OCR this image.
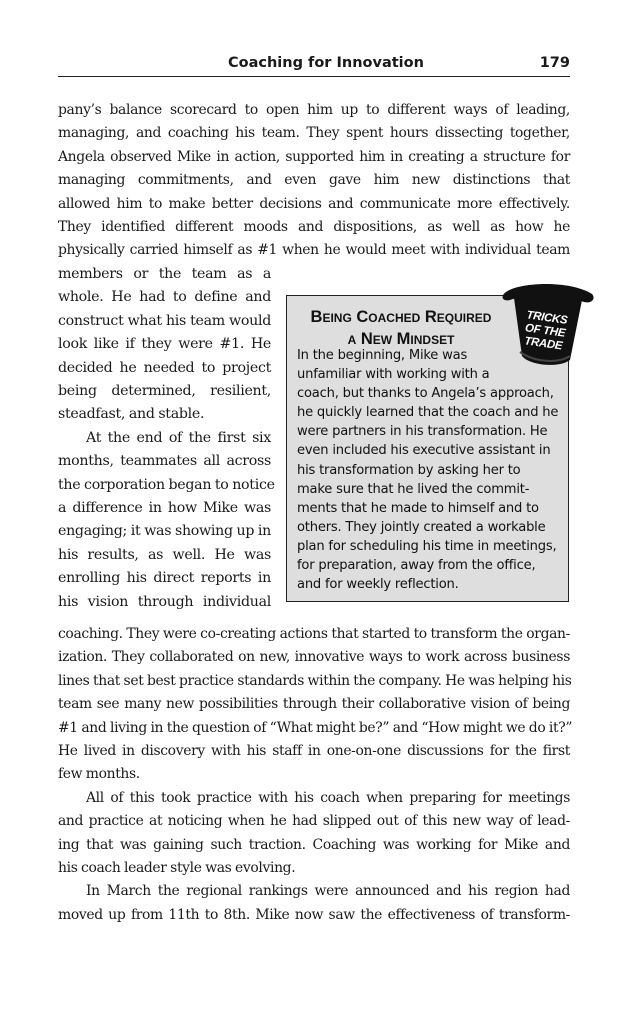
Coaching for Innovation	179
pany’s balance scorecard to open him up to different ways of leading,
managing, and coaching his team. They spent hours dissecting together,
Angela observed Mike in action, supported him in creating a structure for
managing commitments, and even gave him new distinctions that
allowed him to make better decisions and communicate more effectively.
They identified different moods and dispositions, as well as how he
physically carried himself as #1 when he would meet with individual team
members or the team as a
whole. He had to define and
construct what his team would
look like if they were #1. He
decided he needed to project
being determined, resilient,
steadfast, and stable.
At the end of the first six
months, teammates all across
the corporation began to notice
a difference in how Mike was
engaging; it was showing up in
his results, as well. He was
enrolling his direct reports in
his vision through individual
coaching. They were co-creating actions that started to transform the organ-
ization. They collaborated on new, innovative ways to work across business
lines that set best practice standards within the company. He was helping his
team see many new possibilities through their collaborative vision of being
#1 and living in the question of “What might be?” and “How might we do it?”
He lived in discovery with his staff in one-on-one discussions for the first
few months.
All of this took practice with his coach when preparing for meetings
and practice at noticing when he had slipped out of this new way of lead-
ing that was gaining such traction. Coaching was working for Mike and
his coach leader style was evolving.
In March the regional rankings were announced and his region had
moved up from 11th to 8th. Mike now saw the effectiveness of transform-
Being Coached Required
a New Mindset
In the beginning, Mike was
unfamiliar with working with a
coach, but thanks to Angela’s approach,
he quickly learned that the coach and he
were partners in his transformation. He
even included his executive assistant in
his transformation by asking her to
make sure that he lived the commit-
ments that he made to himself and to
others. They jointly created a workable
plan for scheduling his time in meetings,
for preparation, away from the office,
and for weekly reflection.
TRICKS
OF THE
TRADE
